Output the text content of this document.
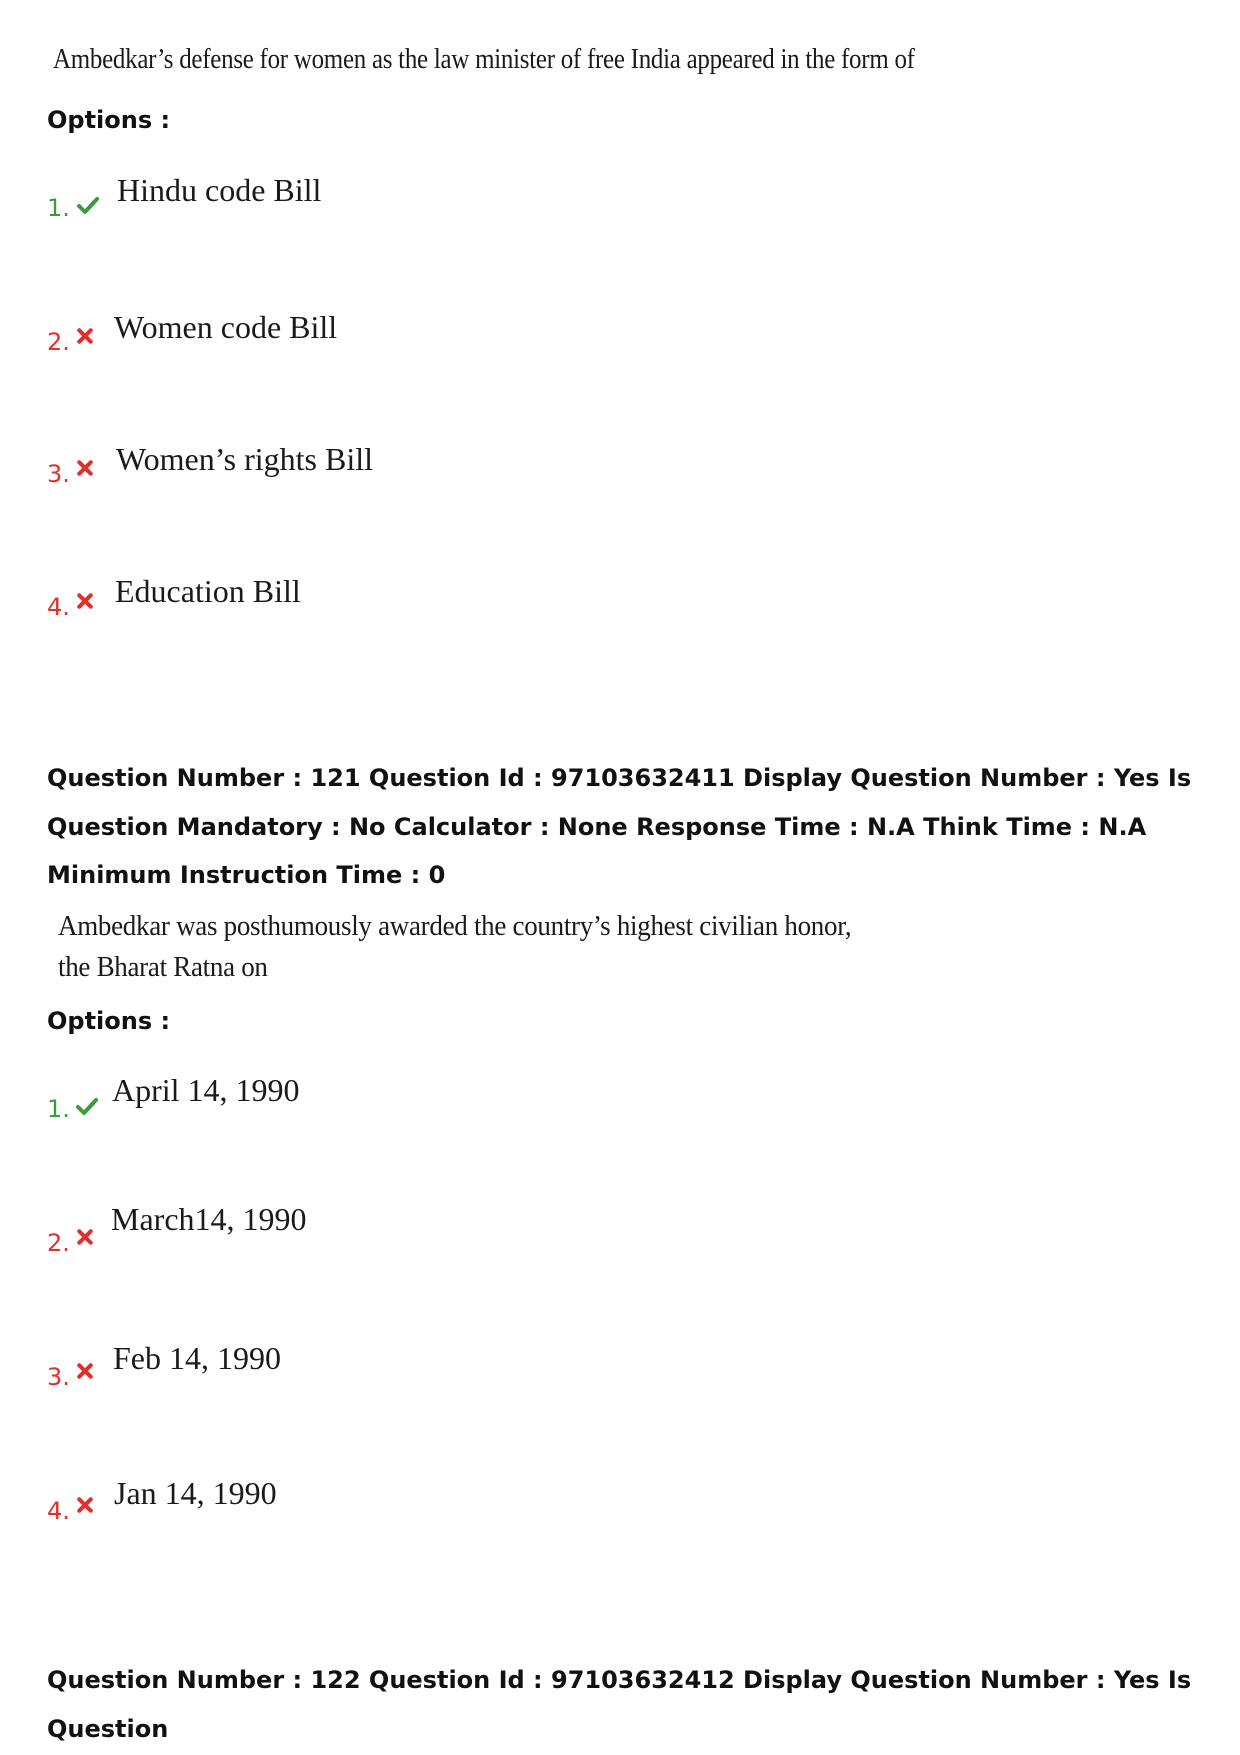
Ambedkar’s defense for women as the law minister of free India appeared in the form of
Options :
1. Hindu code Bill
2. Women code Bill
3. Women’s rights Bill
4. Education Bill
Question Number : 121 Question Id : 97103632411 Display Question Number : Yes Is Question Mandatory : No Calculator : None Response Time : N.A Think Time : N.A Minimum Instruction Time : 0
Ambedkar was posthumously awarded the country’s highest civilian honor,
the Bharat Ratna on
Options :
1.
April 14, 1990
2.
March14, 1990
3.
Feb 14, 1990
4. Jan 14, 1990
Question Number : 122 Question Id : 97103632412 Display Question Number : Yes Is Question
